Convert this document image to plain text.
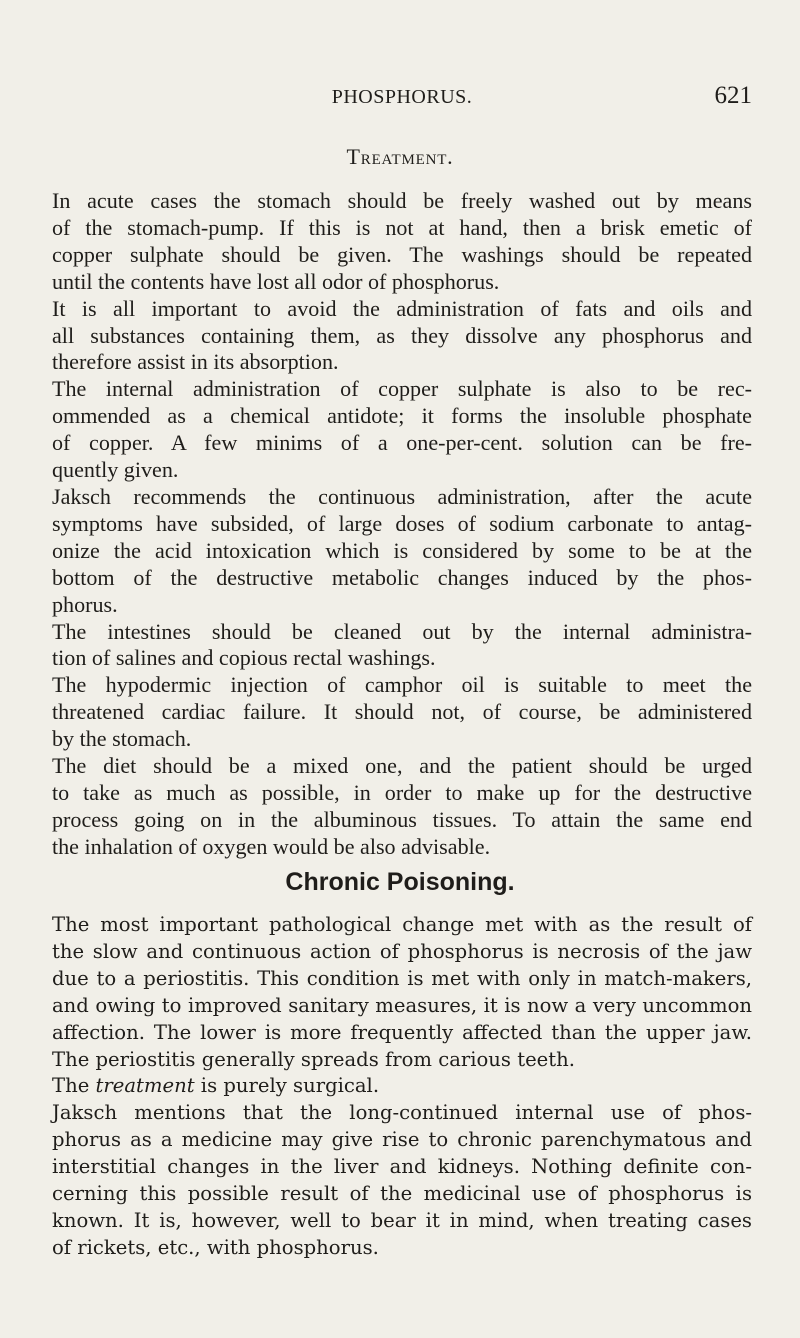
PHOSPHORUS.	621
Treatment.
In acute cases the stomach should be freely washed out by means
of the stomach-pump. If this is not at hand, then a brisk emetic of
copper sulphate should be given. The washings should be repeated
until the contents have lost all odor of phosphorus.
It is all important to avoid the administration of fats and oils and
all substances containing them, as they dissolve any phosphorus and
therefore assist in its absorption.
The internal administration of copper sulphate is also to be rec-
ommended as a chemical antidote; it forms the insoluble phosphate
of copper. A few minims of a one-per-cent. solution can be fre-
quently given.
Jaksch recommends the continuous administration, after the acute
symptoms have subsided, of large doses of sodium carbonate to antag-
onize the acid intoxication which is considered by some to be at the
bottom of the destructive metabolic changes induced by the phos-
phorus.
The intestines should be cleaned out by the internal administra-
tion of salines and copious rectal washings.
The hypodermic injection of camphor oil is suitable to meet the
threatened cardiac failure. It should not, of course, be administered
by the stomach.
The diet should be a mixed one, and the patient should be urged
to take as much as possible, in order to make up for the destructive
process going on in the albuminous tissues. To attain the same end
the inhalation of oxygen would be also advisable.
Chronic Poisoning.
The most important pathological change met with as the result of
the slow and continuous action of phosphorus is necrosis of the jaw
due to a periostitis. This condition is met with only in match-makers,
and owing to improved sanitary measures, it is now a very uncommon
affection. The lower is more frequently affected than the upper jaw.
The periostitis generally spreads from carious teeth.
The treatment is purely surgical.
Jaksch mentions that the long-continued internal use of phos-
phorus as a medicine may give rise to chronic parenchymatous and
interstitial changes in the liver and kidneys. Nothing definite con-
cerning this possible result of the medicinal use of phosphorus is
known. It is, however, well to bear it in mind, when treating cases
of rickets, etc., with phosphorus.
